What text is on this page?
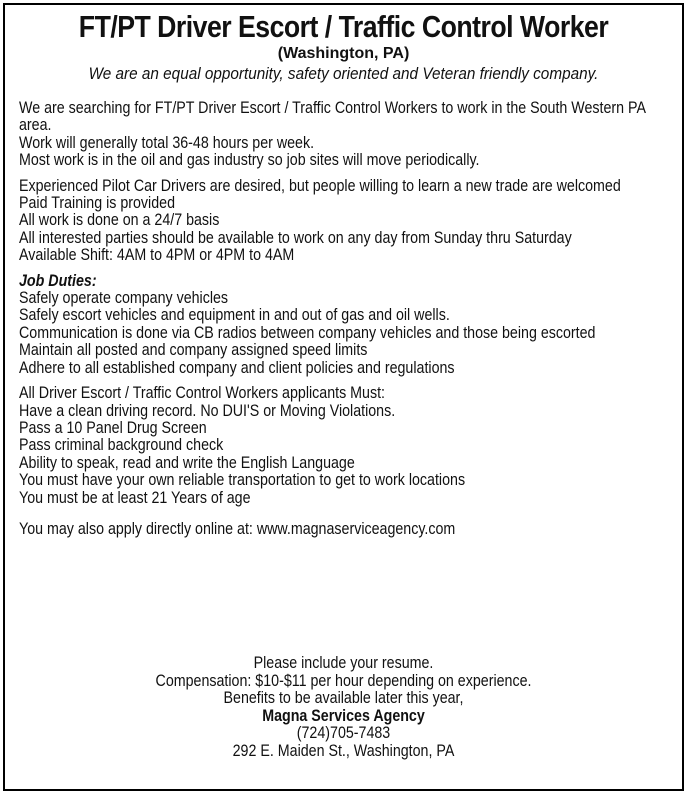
FT/PT Driver Escort / Traffic Control Worker
(Washington, PA)
We are an equal opportunity, safety oriented and Veteran friendly company.
We are searching for FT/PT Driver Escort / Traffic Control Workers to work in the South Western PA area.
Work will generally total 36-48 hours per week.
Most work is in the oil and gas industry so job sites will move periodically.
Experienced Pilot Car Drivers are desired, but people willing to learn a new trade are welcomed
Paid Training is provided
All work is done on a 24/7 basis
All interested parties should be available to work on any day from Sunday thru Saturday
Available Shift: 4AM to 4PM or 4PM to 4AM
Job Duties:
Safely operate company vehicles
Safely escort vehicles and equipment in and out of gas and oil wells.
Communication is done via CB radios between company vehicles and those being escorted
Maintain all posted and company assigned speed limits
Adhere to all established company and client policies and regulations
All Driver Escort / Traffic Control Workers applicants Must:
Have a clean driving record. No DUI'S or Moving Violations.
Pass a 10 Panel Drug Screen
Pass criminal background check
Ability to speak, read and write the English Language
You must have your own reliable transportation to get to work locations
You must be at least 21 Years of age
You may also apply directly online at: www.magnaserviceagency.com
Please include your resume.
Compensation: $10-$11 per hour depending on experience.
Benefits to be available later this year,
Magna Services Agency
(724)705-7483
292 E. Maiden St., Washington, PA
